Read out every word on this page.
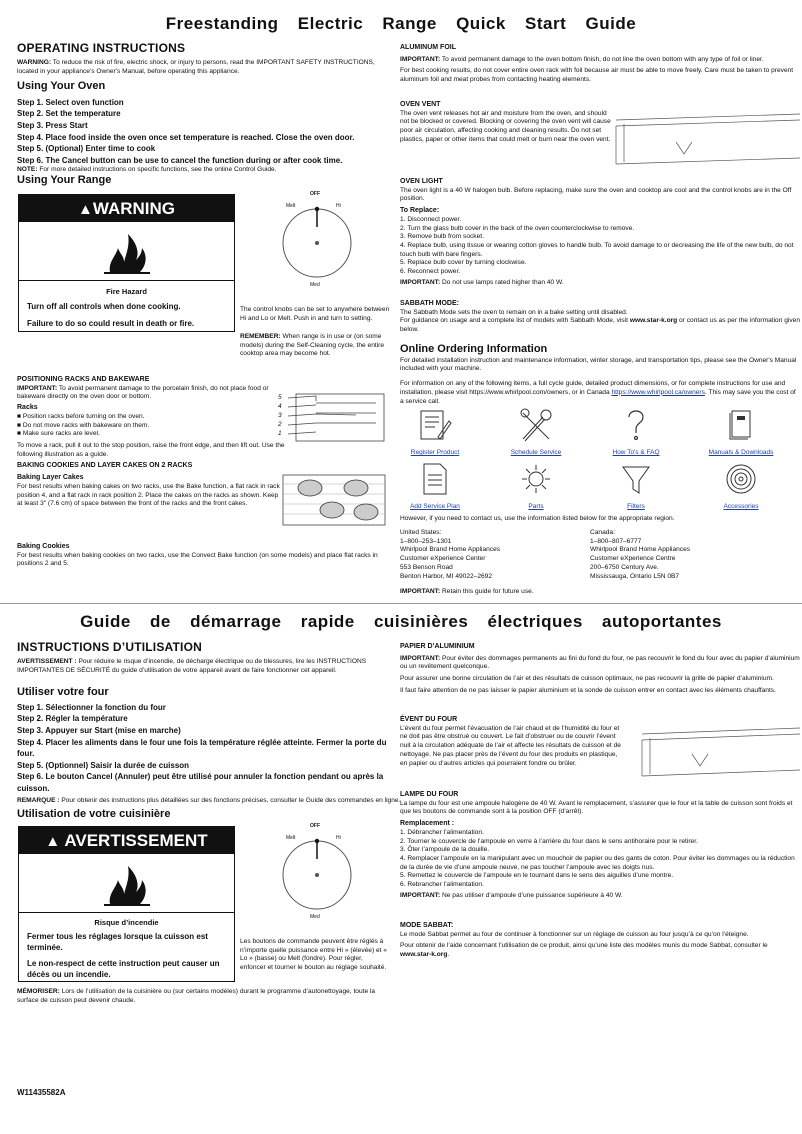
Freestanding Electric Range Quick Start Guide
OPERATING INSTRUCTIONS
WARNING: To reduce the risk of fire, electric shock, or injury to persons, read the IMPORTANT SAFETY INSTRUCTIONS, located in your appliance's Owner's Manual, before operating this appliance.
Using Your Oven
Step 1. Select oven function
Step 2. Set the temperature
Step 3. Press Start
Step 4. Place food inside the oven once set temperature is reached. Close the oven door.
Step 5. (Optional) Enter time to cook
Step 6. The Cancel button can be use to cancel the function during or after cook time.
NOTE: For more detailed instructions on specific functions, see the online Control Guide.
Using Your Range
▲WARNING
Fire Hazard
Turn off all controls when done cooking.
Failure to do so could result in death or fire.
OFF
Melt	Hi
Med
The control knobs can be set to anywhere between Hi and Lo or Melt. Push in and turn to setting.
REMEMBER: When range is in use or (on some models) during the Self-Cleaning cycle, the entire cooktop area may become hot.
POSITIONING RACKS AND BAKEWARE
IMPORTANT: To avoid permanent damage to the porcelain finish, do not place food or bakeware directly on the oven door or bottom.
Racks
■ Position racks before turning on the oven.
■ Do not move racks with bakeware on them.
■ Make sure racks are level.
To move a rack, pull it out to the stop position, raise the front edge, and then lift out. Use the following illustration as a guide.
BAKING COOKIES AND LAYER CAKES ON 2 RACKS
Baking Layer Cakes
For best results when baking cakes on two racks, use the Bake function, a flat rack in rack position 4, and a flat rack in rack position 2. Place the cakes on the racks as shown. Keep at least 3" (7.6 cm) of space between the front of the racks and the front cakes.
5
4
3
2
1
Baking Cookies
For best results when baking cookies on two racks, use the Convect Bake function (on some models) and place flat racks in positions 2 and 5.
ALUMINUM FOIL
IMPORTANT: To avoid permanent damage to the oven bottom finish, do not line the oven bottom with any type of foil or liner.
For best cooking results, do not cover entire oven rack with foil because air must be able to move freely. Care must be taken to prevent aluminum foil and meat probes from contacting heating elements.
OVEN VENT
The oven vent releases hot air and moisture from the oven, and should not be blocked or covered. Blocking or covering the oven vent will cause poor air circulation, affecting cooking and cleaning results. Do not set plastics, paper or other items that could melt or burn near the oven vent.
OVEN LIGHT
The oven light is a 40 W halogen bulb. Before replacing, make sure the oven and cooktop are cool and the control knobs are in the Off position.
To Replace:
1. Disconnect power.
2. Turn the glass bulb cover in the back of the oven counterclockwise to remove.
3. Remove bulb from socket.
4. Replace bulb, using tissue or wearing cotton gloves to handle bulb. To avoid damage to or decreasing the life of the new bulb, do not touch bulb with bare fingers.
5. Replace bulb cover by turning clockwise.
6. Reconnect power.
IMPORTANT: Do not use lamps rated higher than 40 W.
SABBATH MODE:
The Sabbath Mode sets the oven to remain on in a bake setting until disabled.
For guidance on usage and a complete list of models with Sabbath Mode, visit www.star-k.org or contact us as per the information given below.
Online Ordering Information
For detailed installation instruction and maintenance information, winter storage, and transportation tips, please see the Owner's Manual included with your machine.
For information on any of the following items, a full cycle guide, detailed product dimensions, or for complete instructions for use and installation, please visit https://www.whirlpool.com/owners, or in Canada https://www.whirlpool.ca/owners. This may save you the cost of a service call.
Register Product	Schedule Service	How To's & FAQ	Manuals & Downloads
Add Service Plan	Parts	Filters	Accessories
However, if you need to contact us, use the information listed below for the appropriate region.
United States:
1–800–253–1301
Whirlpool Brand Home Appliances
Customer eXperience Center
553 Benson Road
Benton Harbor, MI 49022–2692
Canada:
1–800–807–6777
Whirlpool Brand Home Appliances
Customer eXperience Centre
200–6750 Century Ave.
Mississauga, Ontario L5N 0B7
IMPORTANT: Retain this guide for future use.
Guide de démarrage rapide cuisinières électriques autoportantes
INSTRUCTIONS D’UTILISATION
AVERTISSEMENT : Pour réduire le risque d’incendie, de décharge électrique ou de blessures, lire les INSTRUCTIONS IMPORTANTES DE SÉCURITÉ du guide d’utilisation de votre appareil avant de faire fonctionner cet appareil.
Utiliser votre four
Step 1. Sélectionner la fonction du four
Step 2. Régler la température
Step 3. Appuyer sur Start (mise en marche)
Step 4. Placer les aliments dans le four une fois la température réglée atteinte. Fermer la porte du four.
Step 5. (Optionnel) Saisir la durée de cuisson
Step 6. Le bouton Cancel (Annuler) peut être utilisé pour annuler la fonction pendant ou après la cuisson.
REMARQUE : Pour obtenir des instructions plus détaillées sur des fonctions précises, consulter le Guide des commandes en ligne.
Utilisation de votre cuisinière
▲ AVERTISSEMENT
Risque d’incendie
Fermer tous les réglages lorsque la cuisson est terminée.
Le non-respect de cette instruction peut causer un décès ou un incendie.
OFF
Melt	Hi
Med
Les boutons de commande peuvent être réglés à n’importe quelle puissance entre Hi » (élevée) et « Lo » (basse) ou Melt (fondre). Pour régler, enfoncer et tourner le bouton au réglage souhaité.
MÉMORISER: Lors de l’utilisation de la cuisinière ou (sur certains modèles) durant le programme d’autonettoyage, toute la surface de cuisson peut devenir chaude.
W11435582A
PAPIER D’ALUMINIUM
IMPORTANT: Pour éviter des dommages permanents au fini du fond du four, ne pas recouvrir le fond du four avec du papier d’aluminium ou un revêtement quelconque.
Pour assurer une bonne circulation de l’air et des résultats de cuisson optimaux, ne pas recouvrir la grille de papier d’aluminium.
Il faut faire attention de ne pas laisser le papier aluminium et la sonde de cuisson entrer en contact avec les éléments chauffants.
ÉVENT DU FOUR
L’évent du four permet l’évacuation de l’air chaud et de l’humidité du four et ne doit pas être obstrué ou couvert. Le fait d’obstruer ou de couvrir l’évent nuit à la circulation adéquate de l’air et affecte les résultats de cuisson et de nettoyage. Ne pas placer près de l’évent du four des produits en plastique, en papier ou d’autres articles qui pourraient fondre ou brûler.
LAMPE DU FOUR
La lampe du four est une ampoule halogène de 40 W. Avant le remplacement, s’assurer que le four et la table de cuisson sont froids et que les boutons de commande sont à la position OFF (d’arrêt).
Remplacement :
1. Débrancher l’alimentation.
2. Tourner le couvercle de l’ampoule en verre à l’arrière du four dans le sens antihoraire pour le retirer.
3. Ôter l’ampoule de la douille.
4. Remplacer l’ampoule en la manipulant avec un mouchoir de papier ou des gants de coton. Pour éviter les dommages ou la réduction de la durée de vie d’une ampoule neuve, ne pas toucher l’ampoule avec les doigts nus.
5. Remettez le couvercle de l’ampoule en le tournant dans le sens des aiguilles d’une montre.
6. Rebrancher l’alimentation.
IMPORTANT: Ne pas utiliser d’ampoule d’une puissance supérieure à 40 W.
MODE SABBAT:
Le mode Sabbat permet au four de continuer à fonctionner sur un réglage de cuisson au four jusqu’à ce qu’on l’éteigne.
Pour obtenir de l’aide concernant l’utilisation de ce produit, ainsi qu’une liste des modèles munis du mode Sabbat, consulter le www.star-k.org.
